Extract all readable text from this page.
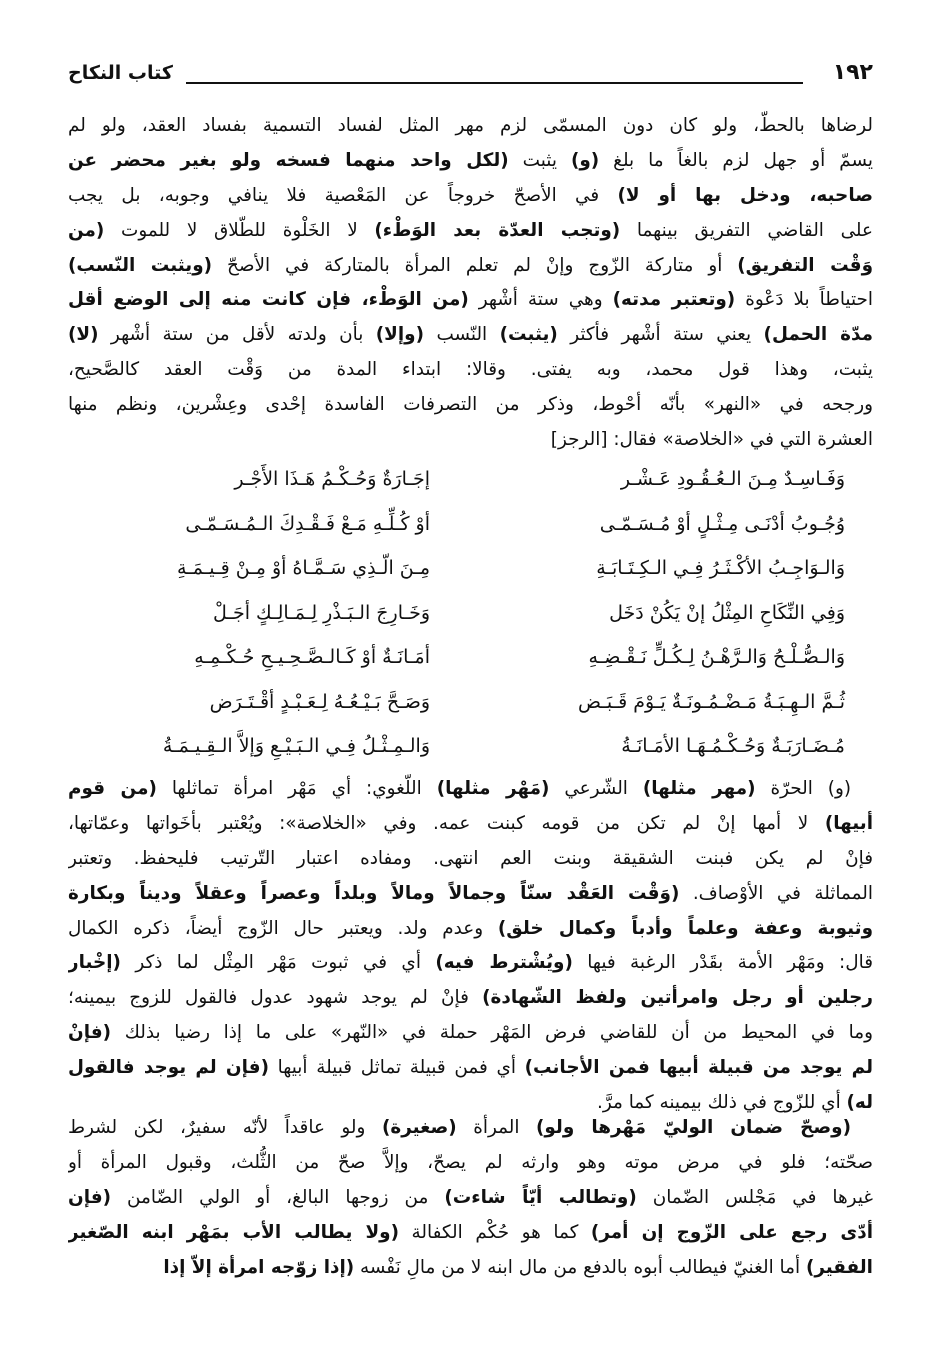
كتاب النكاح	١٩٢
لرضاها بالحطّ، ولو كان دون المسمّى لزم مهر المثل لفساد التسمية بفساد العقد، ولو لم
يسمّ أو جهل لزم بالغاً ما بلغ (و) يثبت (لكل واحد منهما فسخه ولو بغير محضر عن
صاحبه، ودخل بها أو لا) في الأصحّ خروجاً عن المَعْصية فلا ينافي وجوبه، بل يجب
على القاضي التفريق بينهما (وتجب العدّة بعد الوَطْء) لا الخَلْوة للطّلاق لا للموت (من
وَقْت التفريق) أو متاركة الزّوج وإنْ لم تعلم المرأة بالمتاركة في الأصحّ (ويثبت النّسب)
احتياطاً بلا دَعْوة (وتعتبر مدته) وهي ستة أشْهر (من الوَطْء، فإن كانت منه إلى الوضع أقل
مدّة الحمل) يعني ستة أشْهر فأكثر (يثبت) النّسب (وإلا) بأن ولدته لأقل من ستة أشْهر (لا)
يثبت، وهذا قول محمد، وبه يفتى. وقالا: ابتداء المدة من وَقْت العقد كالصَّحيح،
ورجحه في «النهر» بأنّه أحْوط، وذكر من التصرفات الفاسدة إحْدى وعِشْرين، ونظم منها
العشرة التي في «الخلاصة» فقال: [الرجز]
وَفَـاسِـدٌ مِـنَ الـعُـقُـودِ عَـشْـر
إجَـارَةٌ وَحُـكْـمُ هَـذَا الأَجْـر
وُجُـوبُ أدْنَـى مِـثْـلٍ أوْ مُـسَـمّـى
أوْ كُـلِّـهِ مَـعْ فَـقْـدِكَ الـمُـسَـمّـى
وَالـوَاجِـبُ الأكْـثَـرُ فِـي الـكِـتَـابَـةِ
مِـنَ الّـذِي سَـمَّـاهُ أوْ مِـنْ قِـيـمَـةِ
وَفِي النِّكَاحِ المِثْلُ إنْ يَكُنْ دَخَل
وَخَـارِجَ الـبَـذْرِ لِـمَـالِـكٍ أجَـلْ
وَالـصُّـلْـحُ وَالـرَّهْـنُ لِـكُـلٍّ نَـقْـضِـهِ
أمَـانَـةٌ أوْ كَـالـصَّـحِـيـحِ حُـكْـمِـهِ
ثُـمَّ الـهِـبَـةُ مَـضْـمُـونَـةٌ يَـوْمَ قَـبَـض
وَصَـحَّ بَـيْـعُـهُ لِـعَـبْـدٍ أقْـتَـرَض
مُـضَـارَبَـةٌ وَحُـكْـمُـهَـا الأمَـانَـةُ
وَالـمِـثْـلُ فِـي الـبَـيْـعِ وَإلاَّ الـقِـيـمَـةُ
(و) الحرّة (مهر مثلها) الشّرعي (مَهْر مثلها) اللّغوي: أي مَهْر امرأة تماثلها (من قوم
أبيها) لا أمها إنْ لم تكن من قومه كبنت عمه. وفي «الخلاصة»: ويُعْتبر بأخَواتها وعمّاتها،
فإنْ لم يكن فبنت الشقيقة وبنت العم انتهى. ومفاده اعتبار التّرتيب فليحفظ. وتعتبر
المماثلة في الأوْصاف. (وَقْت العَقْد سنّاً وجمالاً ومالاً وبلداً وعصراً وعقلاً وديناً وبكارة
وثيوبة وعفة وعلماً وأدباً وكمال خلق) وعدم ولد. ويعتبر حال الزّوج أيضاً، ذكره الكمال
قال: ومَهْر الأمة بقَدْر الرغبة فيها (ويُشْترط فيه) أي في ثبوت مَهْر المِثْل لما ذكر (إخْبار
رجلين أو رجل وامرأتين ولفظ الشّهادة) فإنْ لم يوجد شهود عدول فالقول للزوج بيمينه؛
وما في المحيط من أن للقاضي فرض المَهْر حملة في «النّهر» على ما إذا رضيا بذلك (فإنْ
لم يوجد من قبيلة أبيها فمن الأجانب) أي فمن قبيلة تماثل قبيلة أبيها (فإن لم يوجد فالقول
له) أي للزّوج في ذلك بيمينه كما مرَّ.
(وصحّ ضمان الوليّ مَهْرها ولو) المرأة (صغيرة) ولو عاقداً لأنّه سفيرٌ، لكن لشرط
صحّته؛ فلو في مرض موته وهو وارثه لم يصحّ، وإلاَّ صحّ من الثُّلث، وقبول المرأة أو
غيرها في مَجْلس الضّمان (وتطالب أيّاً شاءت) من زوجها البالغ، أو الولي الضّامن (فإن
أدّى رجع على الزّوج إن أمر) كما هو حُكْم الكفالة (ولا يطالب الأب بمَهْر ابنه الصّغير
الفقير) أما الغنيّ فيطالب أبوه بالدفع من مال ابنه لا من مالِ نَفْسه (إذا زوّجه امرأة إلاّ إذا
